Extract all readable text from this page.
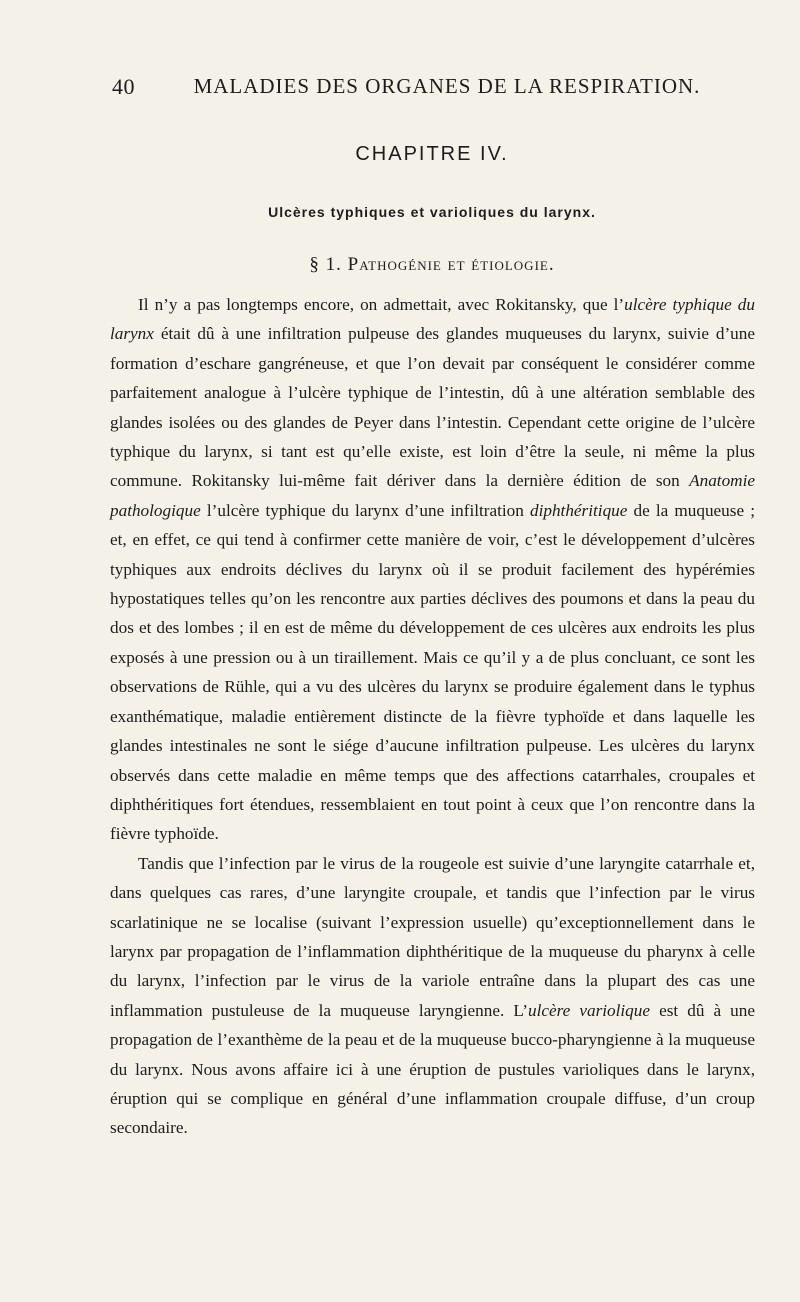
40	MALADIES DES ORGANES DE LA RESPIRATION.
CHAPITRE IV.
Ulcères typhiques et varioliques du larynx.
§ 1. Pathogénie et étiologie.

Il n’y a pas longtemps encore, on admettait, avec Rokitansky, que l’ulcère typhique du larynx était dû à une infiltration pulpeuse des glandes muqueuses du larynx, suivie d’une formation d’eschare gangréneuse, et que l’on devait par conséquent le considérer comme parfaitement analogue à l’ulcère typhique de l’intestin, dû à une altération semblable des glandes isolées ou des glandes de Peyer dans l’intestin. Cependant cette origine de l’ulcère typhique du larynx, si tant est qu’elle existe, est loin d’être la seule, ni même la plus commune. Rokitansky lui-même fait dériver dans la dernière édition de son Anatomie pathologique l’ulcère typhique du larynx d’une infiltration diphthéritique de la muqueuse ; et, en effet, ce qui tend à confirmer cette manière de voir, c’est le développement d’ulcères typhiques aux endroits déclives du larynx où il se produit facilement des hypérémies hypostatiques telles qu’on les rencontre aux parties déclives des poumons et dans la peau du dos et des lombes ; il en est de même du développement de ces ulcères aux endroits les plus exposés à une pression ou à un tiraillement. Mais ce qu’il y a de plus concluant, ce sont les observations de Rühle, qui a vu des ulcères du larynx se produire également dans le typhus exanthématique, maladie entièrement distincte de la fièvre typhoïde et dans laquelle les glandes intestinales ne sont le siége d’aucune infiltration pulpeuse. Les ulcères du larynx observés dans cette maladie en même temps que des affections catarrhales, croupales et diphthéritiques fort étendues, ressemblaient en tout point à ceux que l’on rencontre dans la fièvre typhoïde.

Tandis que l’infection par le virus de la rougeole est suivie d’une laryngite catarrhale et, dans quelques cas rares, d’une laryngite croupale, et tandis que l’infection par le virus scarlatinique ne se localise (suivant l’expression usuelle) qu’exceptionnellement dans le larynx par propagation de l’inflammation diphthéritique de la muqueuse du pharynx à celle du larynx, l’infection par le virus de la variole entraîne dans la plupart des cas une inflammation pustuleuse de la muqueuse laryngienne. L’ulcère variolique est dû à une propagation de l’exanthème de la peau et de la muqueuse bucco-pharyngienne à la muqueuse du larynx. Nous avons affaire ici à une éruption de pustules varioliques dans le larynx, éruption qui se complique en général d’une inflammation croupale diffuse, d’un croup secondaire.
